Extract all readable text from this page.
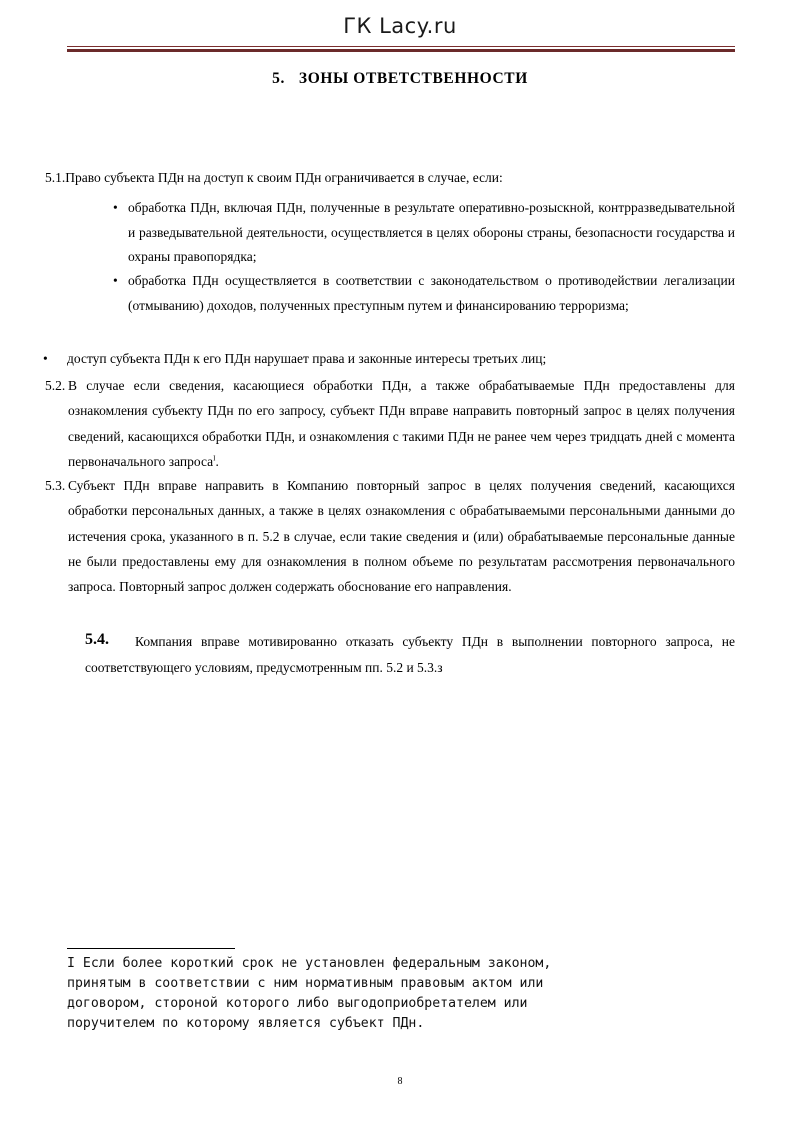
ГК Lacy.ru
5. ЗОНЫ ОТВЕТСТВЕННОСТИ
5.1.Право субъекта ПДн на доступ к своим ПДн ограничивается в случае, если:
• обработка ПДн, включая ПДн, полученные в результате оперативно-розыскной, контрразведывательной и разведывательной деятельности, осуществляется в целях обороны страны, безопасности государства и охраны правопорядка;
• обработка ПДн осуществляется в соответствии с законодательством о противодействии легализации (отмыванию) доходов, полученных преступным путем и финансированию терроризма;
• доступ субъекта ПДн к его ПДн нарушает права и законные интересы третьих лиц;
5.2. В случае если сведения, касающиеся обработки ПДн, а также обрабатываемые ПДн предоставлены для ознакомления субъекту ПДн по его запросу, субъект ПДн вправе направить повторный запрос в целях получения сведений, касающихся обработки ПДн, и ознакомления с такими ПДн не ранее чем через тридцать дней с момента первоначального запроса$^I$.
5.3. Субъект ПДн вправе направить в Компанию повторный запрос в целях получения сведений, касающихся обработки персональных данных, а также в целях ознакомления с обрабатываемыми персональными данными до истечения срока, указанного в п. 5.2 в случае, если такие сведения и (или) обрабатываемые персональные данные не были предоставлены ему для ознакомления в полном объеме по результатам рассмотрения первоначального запроса. Повторный запрос должен содержать обоснование его направления.
5.4.	Компания вправе мотивированно отказать субъекту ПДн в выполнении повторного запроса, не соответствующего условиям, предусмотренным пп. 5.2 и 5.3.з
I Если более короткий срок не установлен федеральным законом,
принятым в соответствии с ним нормативным правовым актом или
договором, стороной которого либо выгодоприобретателем или
поручителем по которому является субъект ПДн.
8
